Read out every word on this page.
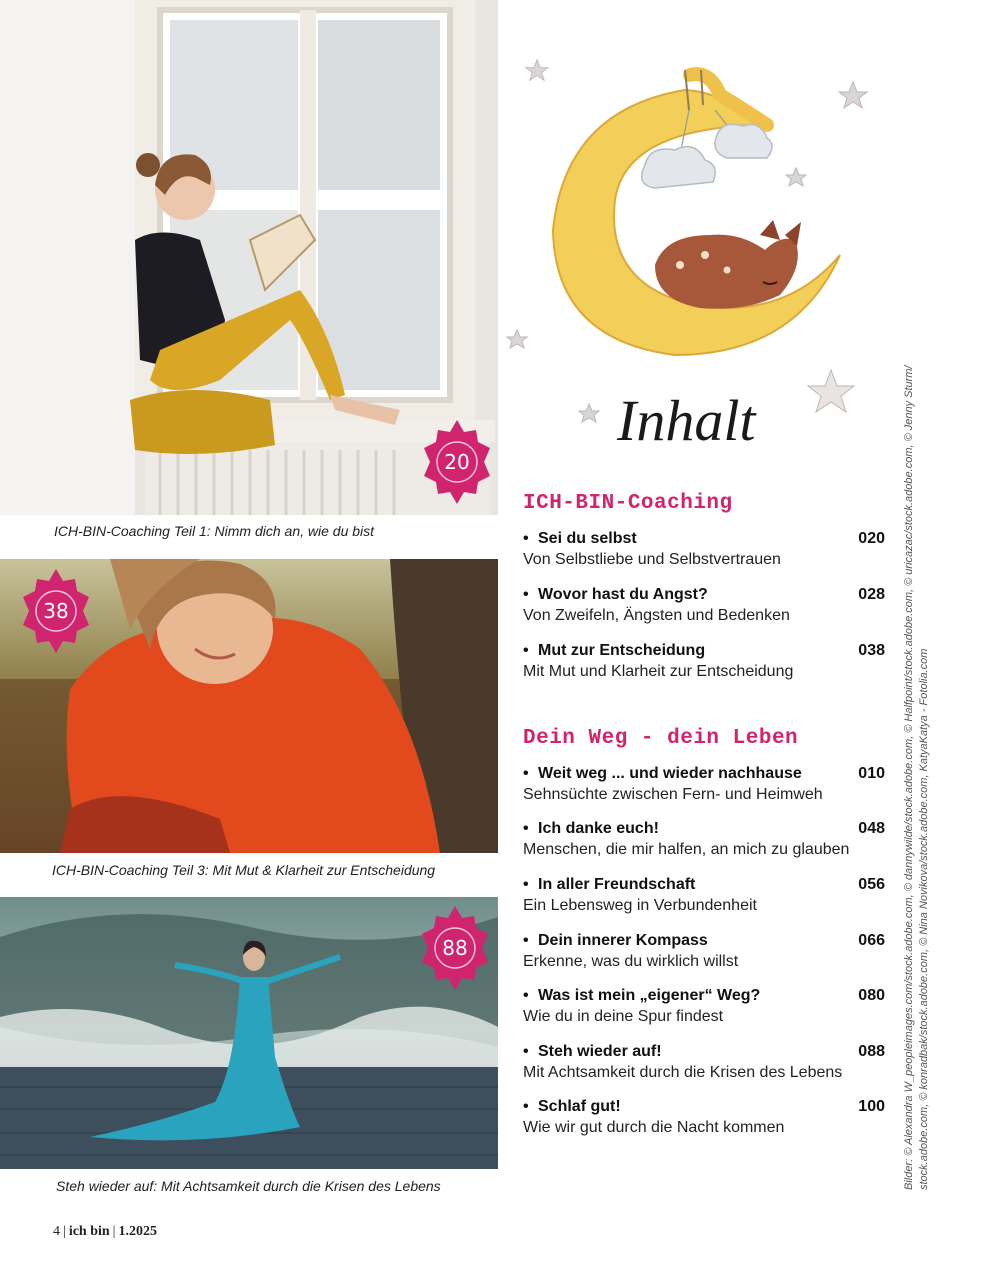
ICH-BIN-Coaching Teil 1: Nimm dich an, wie du bist
ICH-BIN-Coaching Teil 3: Mit Mut & Klarheit zur Entscheidung
Steh wieder auf: Mit Achtsamkeit durch die Krisen des Lebens
20
38
88
Inhalt
ICH-BIN-Coaching
• Sei du selbst	020
Von Selbstliebe und Selbstvertrauen
• Wovor hast du Angst?	028
Von Zweifeln, Ängsten und Bedenken
• Mut zur Entscheidung	038
Mit Mut und Klarheit zur Entscheidung
Dein Weg - dein Leben
• Weit weg ... und wieder nachhause	010
Sehnsüchte zwischen Fern- und Heimweh
• Ich danke euch!	048
Menschen, die mir halfen, an mich zu glauben
• In aller Freundschaft	056
Ein Lebensweg in Verbundenheit
• Dein innerer Kompass	066
Erkenne, was du wirklich willst
• Was ist mein „eigener“ Weg?	080
Wie du in deine Spur findest
• Steh wieder auf!	088
Mit Achtsamkeit durch die Krisen des Lebens
• Schlaf gut!	100
Wie wir gut durch die Nacht kommen	Bilder: © Alexandra W_peopleimages.com/stock.adobe.com, © dannywilde/stock.adobe.com, © Halfpoint/stock.adobe.com, © uricazac/stock.adobe.com, © Jenny Sturm/ stock.adobe.com, © konradbak/stock.adobe.com, © Nina Novikova/stock.adobe.com, KatyaKatya - Fotolia.com
4 | ich bin | 1.2025
